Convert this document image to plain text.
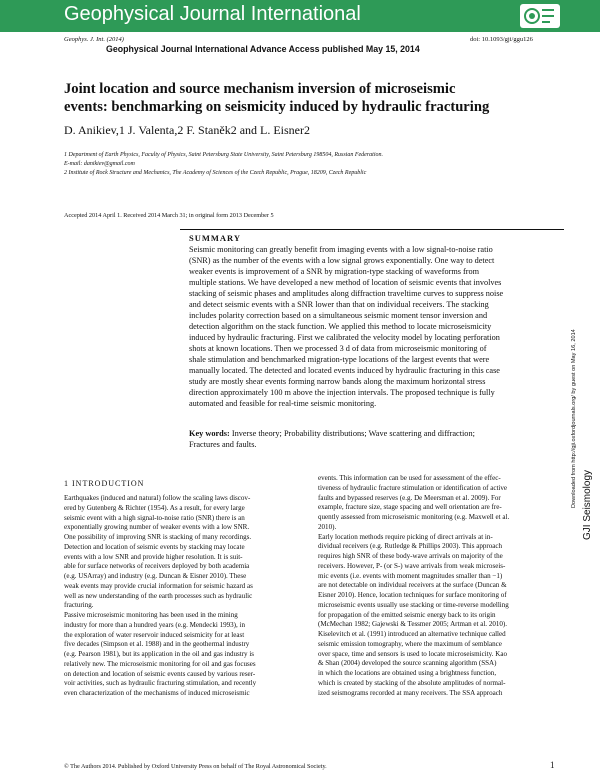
Geophysical Journal International
Geophys. J. Int. (2014)	doi: 10.1093/gji/ggu126
Geophysical Journal International Advance Access published May 15, 2014
Joint location and source mechanism inversion of microseismic
events: benchmarking on seismicity induced by hydraulic fracturing
D. Anikiev,1 J. Valenta,2 F. Staněk2 and L. Eisner2
1 Department of Earth Physics, Faculty of Physics, Saint Petersburg State University, Saint Petersburg 198504, Russian Federation.
E-mail: danikiev@gmail.com
2 Institute of Rock Structure and Mechanics, The Academy of Sciences of the Czech Republic, Prague, 18209, Czech Republic
Accepted 2014 April 1. Received 2014 March 31; in original form 2013 December 5
SUMMARY
Seismic monitoring can greatly benefit from imaging events with a low signal-to-noise ratio
(SNR) as the number of the events with a low signal grows exponentially. One way to detect
weaker events is improvement of a SNR by migration-type stacking of waveforms from
multiple stations. We have developed a new method of location of seismic events that involves
stacking of seismic phases and amplitudes along diffraction traveltime curves to suppress noise
and detect seismic events with a SNR lower than that on individual receivers. The stacking
includes polarity correction based on a simultaneous seismic moment tensor inversion and
detection algorithm on the stack function. We applied this method to locate microseismicity
induced by hydraulic fracturing. First we calibrated the velocity model by locating perforation
shots at known locations. Then we processed 3 d of data from microseismic monitoring of
shale stimulation and benchmarked migration-type locations of the largest events that were
manually located. The detected and located events induced by hydraulic fracturing in this case
study are mostly shear events forming narrow bands along the maximum horizontal stress
direction approximately 100 m above the injection intervals. The proposed technique is fully
automated and feasible for real-time seismic monitoring.
Key words: Inverse theory; Probability distributions; Wave scattering and diffraction;
Fractures and faults.	Downloaded from http://gji.oxfordjournals.org/ by guest on May 16, 2014 GJI Seismology
1 INTRODUCTION
Earthquakes (induced and natural) follow the scaling laws discov-
ered by Gutenberg & Richter (1954). As a result, for every large
seismic event with a high signal-to-noise ratio (SNR) there is an
exponentially growing number of weaker events with a low SNR.
One possibility of improving SNR is stacking of many recordings.
Detection and location of seismic events by stacking may locate
events with a low SNR and provide higher resolution. It is suit-
able for surface networks of receivers deployed by both academia
(e.g. USArray) and industry (e.g. Duncan & Eisner 2010). These
weak events may provide crucial information for seismic hazard as
well as new understanding of the earth processes such as hydraulic
fracturing.
Passive microseismic monitoring has been used in the mining
industry for more than a hundred years (e.g. Mendecki 1993), in
the exploration of water reservoir induced seismicity for at least
five decades (Simpson et al. 1988) and in the geothermal industry
(e.g. Pearson 1981), but its application in the oil and gas industry is
relatively new. The microseismic monitoring for oil and gas focuses
on detection and location of seismic events caused by various reser-
voir activities, such as hydraulic fracturing stimulation, and recently
even characterization of the mechanisms of induced microseismic
events. This information can be used for assessment of the effec-
tiveness of hydraulic fracture stimulation or identification of active
faults and bypassed reserves (e.g. De Meersman et al. 2009). For
example, fracture size, stage spacing and well orientation are fre-
quently assessed from microseismic monitoring (e.g. Maxwell et al.
2010).
Early location methods require picking of direct arrivals at in-
dividual receivers (e.g. Rutledge & Phillips 2003). This approach
requires high SNR of these body-wave arrivals on majority of the
receivers. However, P- (or S-) wave arrivals from weak microseis-
mic events (i.e. events with moment magnitudes smaller than −1)
are not detectable on individual receivers at the surface (Duncan &
Eisner 2010). Hence, location techniques for surface monitoring of
microseismic events usually use stacking or time-reverse modelling
for propagation of the emitted seismic energy back to its origin
(McMechan 1982; Gajewski & Tessmer 2005; Artman et al. 2010).
Kiselevitch et al. (1991) introduced an alternative technique called
seismic emission tomography, where the maximum of semblance
over space, time and sensors is used to locate microseismicity. Kao
& Shan (2004) developed the source scanning algorithm (SSA)
in which the locations are obtained using a brightness function,
which is created by stacking of the absolute amplitudes of normal-
ized seismograms recorded at many receivers. The SSA approach
© The Authors 2014. Published by Oxford University Press on behalf of The Royal Astronomical Society.	1
